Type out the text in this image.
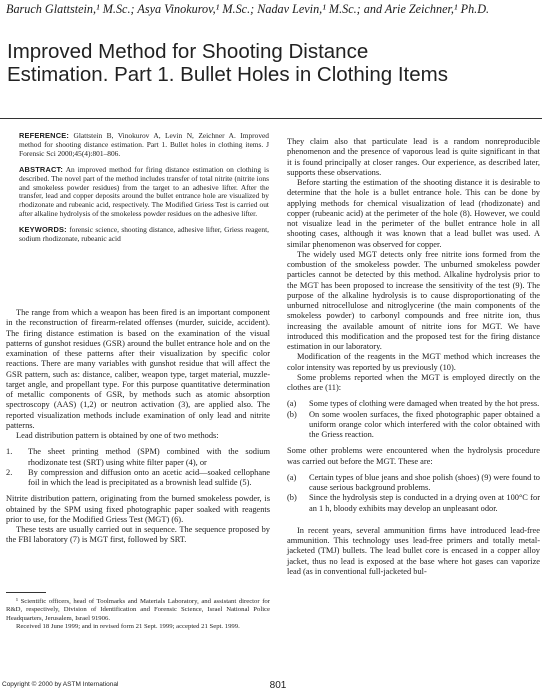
Baruch Glattstein,¹ M.Sc.; Asya Vinokurov,¹ M.Sc.; Nadav Levin,¹ M.Sc.; and Arie Zeichner,¹ Ph.D.
Improved Method for Shooting Distance
Estimation. Part 1. Bullet Holes in Clothing Items

REFERENCE: Glattstein B, Vinokurov A, Levin N, Zeichner A. Improved method for shooting distance estimation. Part 1. Bullet holes in clothing items. J Forensic Sci 2000;45(4):801–806.

ABSTRACT: An improved method for firing distance estimation on clothing is described. The novel part of the method includes transfer of total nitrite (nitrite ions and smokeless powder residues) from the target to an adhesive lifter. After the transfer, lead and copper deposits around the bullet entrance hole are visualized by rhodizonate and rubeanic acid, respectively. The Modified Griess Test is carried out after alkaline hydrolysis of the smokeless powder residues on the adhesive lifter.

KEYWORDS: forensic science, shooting distance, adhesive lifter, Griess reagent, sodium rhodizonate, rubeanic acid

The range from which a weapon has been fired is an important component in the reconstruction of firearm-related offenses (murder, suicide, accident). The firing distance estimation is based on the examination of the visual patterns of gunshot residues (GSR) around the bullet entrance hole and on the examination of these patterns after their visualization by specific color reactions. There are many variables with gunshot residue that will affect the GSR pattern, such as: distance, caliber, weapon type, target material, muzzle-target angle, and propellant type. For this purpose quantitative determination of metallic components of GSR, by methods such as atomic absorption spectroscopy (AAS) (1,2) or neutron activation (3), are applied also. The reported visualization methods include examination of only lead and nitrite patterns.

Lead distribution pattern is obtained by one of two methods:

1. The sheet printing method (SPM) combined with the sodium rhodizonate test (SRT) using white filter paper (4), or
2. By compression and diffusion onto an acetic acid—soaked cellophane foil in which the lead is precipitated as a brownish lead sulfide (5).

Nitrite distribution pattern, originating from the burned smokeless powder, is obtained by the SPM using fixed photographic paper soaked with reagents prior to use, for the Modified Griess Test (MGT) (6).

These tests are usually carried out in sequence. The sequence proposed by the FBI laboratory (7) is MGT first, followed by SRT.

¹ Scientific officers, head of Toolmarks and Materials Laboratory, and assistant director for R&D, respectively, Division of Identification and Forensic Science, Israel National Police Headquarters, Jerusalem, Israel 91906.

Received 18 June 1999; and in revised form 21 Sept. 1999; accepted 21 Sept. 1999.

They claim also that particulate lead is a random nonreproducible phenomenon and the presence of vaporous lead is quite significant in that it is found principally at closer ranges. Our experience, as described later, supports these observations.

Before starting the estimation of the shooting distance it is desirable to determine that the hole is a bullet entrance hole. This can be done by applying methods for chemical visualization of lead (rhodizonate) and copper (rubeanic acid) at the perimeter of the hole (8). However, we could not visualize lead in the perimeter of the bullet entrance hole in all shooting cases, although it was known that a lead bullet was used. A similar phenomenon was observed for copper.

The widely used MGT detects only free nitrite ions formed from the combustion of the smokeless powder. The unburned smokeless powder particles cannot be detected by this method. Alkaline hydrolysis prior to the MGT has been proposed to increase the sensitivity of the test (9). The purpose of the alkaline hydrolysis is to cause disproportionating of the unburned nitrocellulose and nitroglycerine (the main components of the smokeless powder) to carbonyl compounds and free nitrite ion, thus increasing the available amount of nitrite ions for MGT. We have introduced this modification and the proposed test for the firing distance estimation in our laboratory.

Modification of the reagents in the MGT method which increases the color intensity was reported by us previously (10).

Some problems reported when the MGT is employed directly on the clothes are (11):

(a) Some types of clothing were damaged when treated by the hot press.
(b) On some woolen surfaces, the fixed photographic paper obtained a uniform orange color which interfered with the color obtained with the Griess reaction.

Some other problems were encountered when the hydrolysis procedure was carried out before the MGT. These are:

(a) Certain types of blue jeans and shoe polish (shoes) (9) were found to cause serious background problems.
(b) Since the hydrolysis step is conducted in a drying oven at 100°C for an 1 h, bloody exhibits may develop an unpleasant odor.

In recent years, several ammunition firms have introduced lead-free ammunition. This technology uses lead-free primers and totally metal-jacketed (TMJ) bullets. The lead bullet core is encased in a copper alloy jacket, thus no lead is exposed at the base where hot gases can vaporize lead (as in conventional full-jacketed bul-

Copyright © 2000 by ASTM International	801
